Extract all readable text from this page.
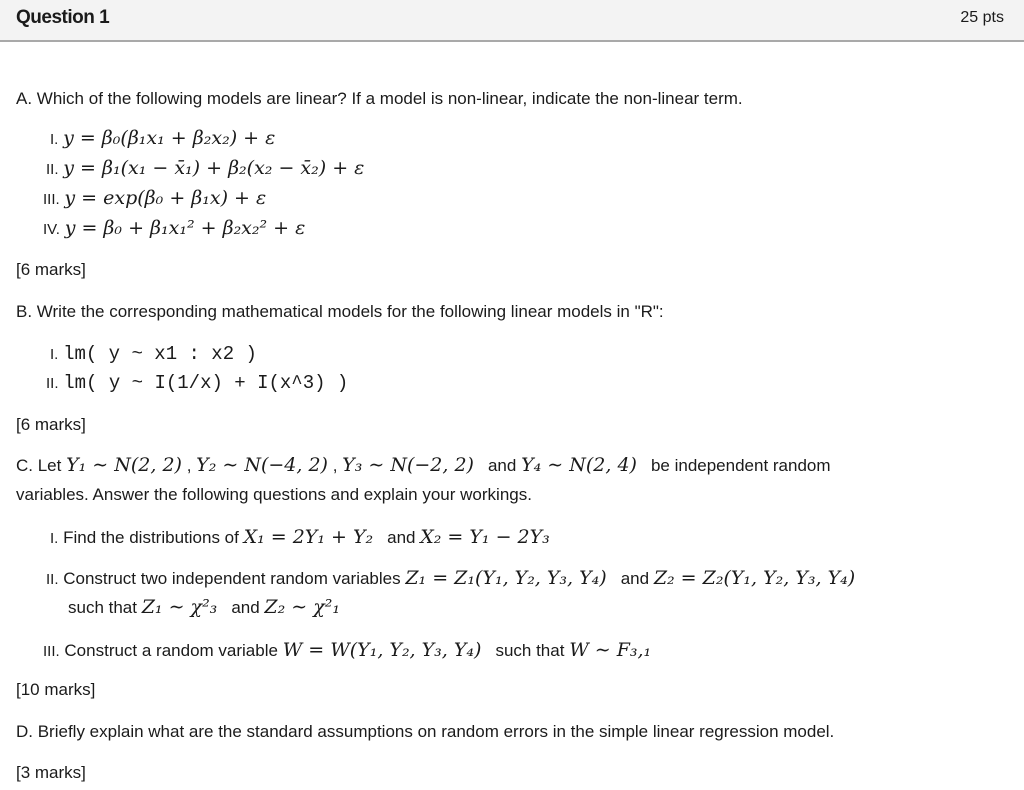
Question 1	25 pts
A. Which of the following models are linear? If a model is non-linear, indicate the non-linear term.
I. y = β₀(β₁x₁ + β₂x₂) + ε
II. y = β₁(x₁ − x̄₁) + β₂(x₂ − x̄₂) + ε
III. y = exp(β₀ + β₁x) + ε
IV. y = β₀ + β₁x₁² + β₂x₂² + ε
[6 marks]
B. Write the corresponding mathematical models for the following linear models in "R":
I. lm( y ~ x1 : x2 )
II. lm( y ~ I(1/x) + I(x^3) )
[6 marks]
C. Let Y₁ ∼ N(2, 2) , Y₂ ∼ N(−4, 2) , Y₃ ∼ N(−2, 2) and Y₄ ∼ N(2, 4) be independent random
variables. Answer the following questions and explain your workings.
I. Find the distributions of X₁ = 2Y₁ + Y₂ and X₂ = Y₁ − 2Y₃
II. Construct two independent random variables Z₁ = Z₁(Y₁, Y₂, Y₃, Y₄) and Z₂ = Z₂(Y₁, Y₂, Y₃, Y₄)
such that Z₁ ∼ χ²₃ and Z₂ ∼ χ²₁
III. Construct a random variable W = W(Y₁, Y₂, Y₃, Y₄) such that W ∼ F₃,₁
[10 marks]
D. Briefly explain what are the standard assumptions on random errors in the simple linear regression model.
[3 marks]
